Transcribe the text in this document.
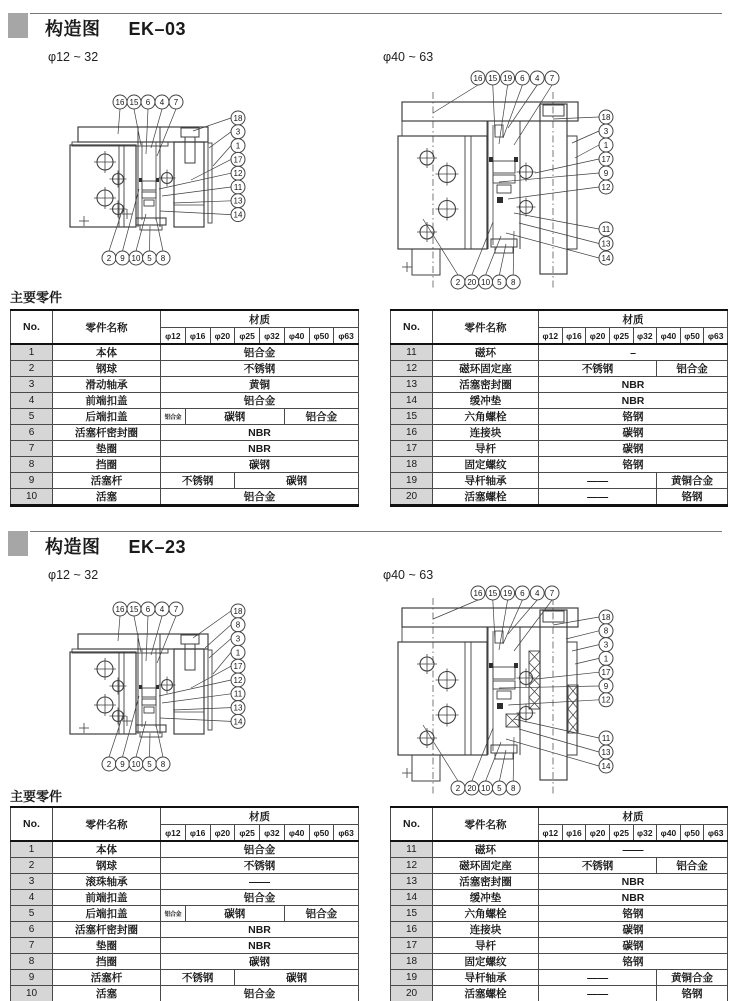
构造图 EK–03
φ12 ~ 32	φ40 ~ 63
16 15 6 4 7
18
3
1
17
12
11
13
14
2 9 10 5 8
16 15 19 6 4 7
18
3
1
17
9
12
11
13
14
2 20 10 5 8
主要零件
No.	零件名称	材质							
		φ12	φ16	φ20	φ25	φ32	φ40	φ50	φ63
1	本体	铝合金							
2	钢球	不锈钢							
3	滑动轴承	黄铜							
4	前端扣盖	铝合金							
5	后端扣盖	铝合金	碳钢				铝合金		
6	活塞杆密封圈	NBR							
7	垫圈	NBR							
8	挡圈	碳钢							
9	活塞杆	不锈钢			碳钢				
10	活塞	铝合金							
No.	零件名称	材质							
		φ12	φ16	φ20	φ25	φ32	φ40	φ50	φ63
11	磁环	–							
12	磁环固定座	不锈钢					铝合金		
13	活塞密封圈	NBR							
14	缓冲垫	NBR							
15	六角螺栓	铬钢							
16	连接块	碳钢							
17	导杆	碳钢							
18	固定螺纹	铬钢							
19	导杆轴承	——					黄铜合金		
20	活塞螺栓	——					铬钢		
构造图 EK–23
φ12 ~ 32	φ40 ~ 63
16 15 6 4 7	18
8
3
1
17
12
11
13
14
2 9 10 5 8
16 15 19 6 4 7
18
8
3
1
17
9
12
11
13
14
2 20 10 5 8
主要零件
No.	零件名称	材质							
		φ12	φ16	φ20	φ25	φ32	φ40	φ50	φ63
1	本体	铝合金							
2	钢球	不锈钢							
3	滚珠轴承	——							
4	前端扣盖	铝合金							
5	后端扣盖	铝合金	碳钢				铝合金		
6	活塞杆密封圈	NBR							
7	垫圈	NBR							
8	挡圈	碳钢							
9	活塞杆	不锈钢			碳钢				
10	活塞	铝合金							
No.	零件名称	材质							
		φ12	φ16	φ20	φ25	φ32	φ40	φ50	φ63
11	磁环	——							
12	磁环固定座	不锈钢					铝合金		
13	活塞密封圈	NBR							
14	缓冲垫	NBR							
15	六角螺栓	铬钢							
16	连接块	碳钢							
17	导杆	碳钢							
18	固定螺纹	铬钢							
19	导杆轴承	——					黄铜合金		
20	活塞螺栓	——					铬钢		
